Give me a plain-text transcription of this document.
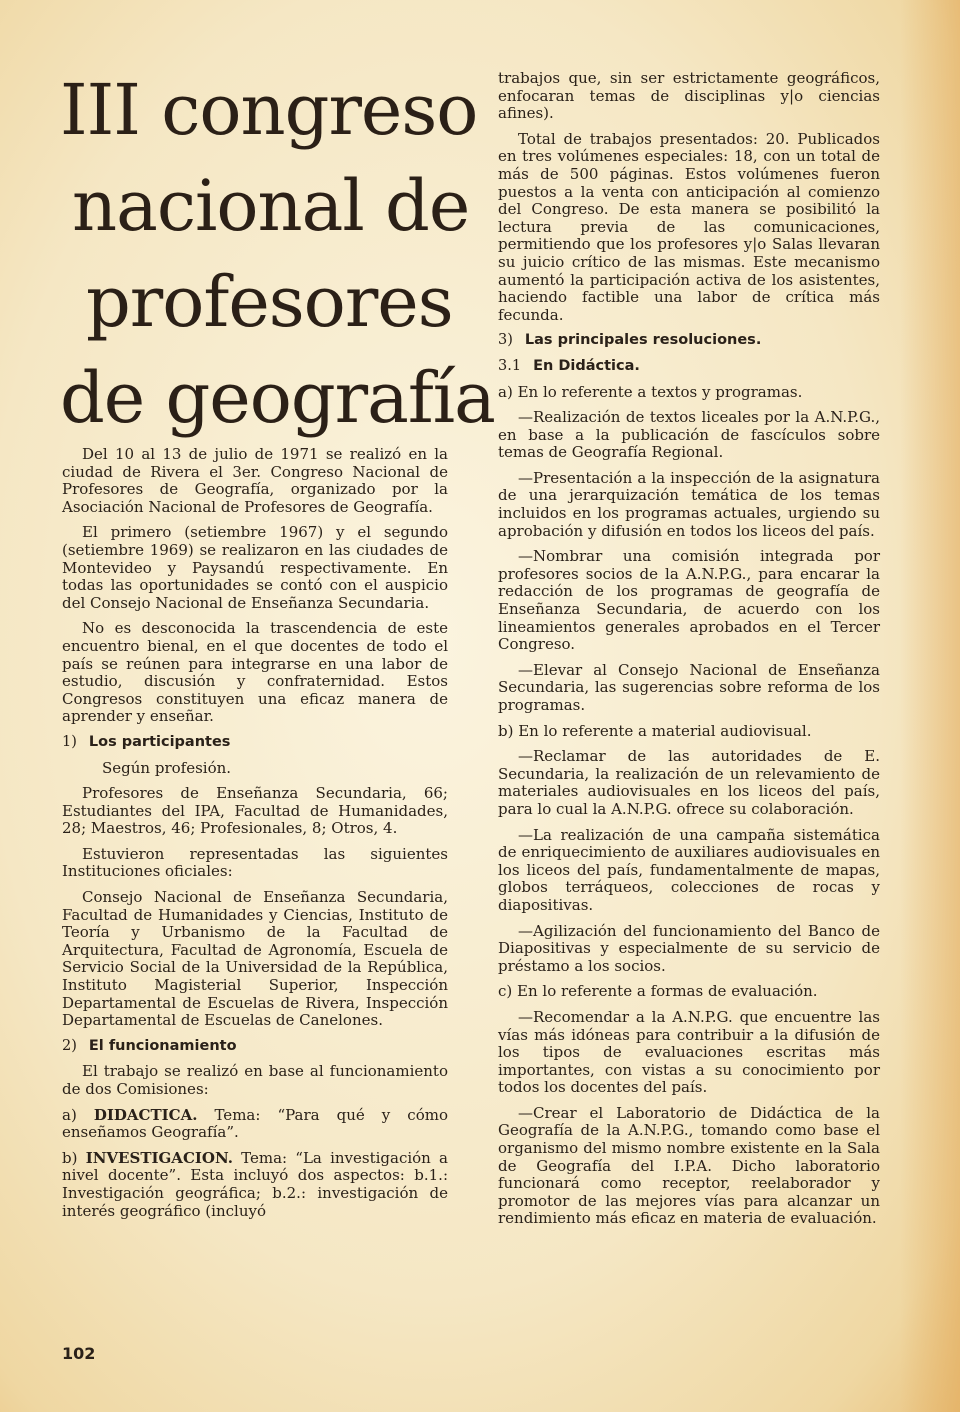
III congreso
nacional de
profesores
de geografía

Del 10 al 13 de julio de 1971 se realizó en la ciudad de Rivera el 3er. Congreso Nacional de Profesores de Geografía, organizado por la Asociación Nacional de Profesores de Geografía.

El primero (setiembre 1967) y el segundo (setiembre 1969) se realizaron en las ciudades de Montevideo y Paysandú respectivamente. En todas las oportunidades se contó con el auspicio del Consejo Nacional de Enseñanza Secundaria.

No es desconocida la trascendencia de este encuentro bienal, en el que docentes de todo el país se reúnen para integrarse en una labor de estudio, discusión y confraternidad. Estos Congresos constituyen una eficaz manera de aprender y enseñar.

1) Los participantes

Según profesión.

Profesores de Enseñanza Secundaria, 66; Estudiantes del IPA, Facultad de Humanidades, 28; Maestros, 46; Profesionales, 8; Otros, 4.

Estuvieron representadas las siguientes Instituciones oficiales:

Consejo Nacional de Enseñanza Secundaria, Facultad de Humanidades y Ciencias, Instituto de Teoría y Urbanismo de la Facultad de Arquitectura, Facultad de Agronomía, Escuela de Servicio Social de la Universidad de la República, Instituto Magisterial Superior, Inspección Departamental de Escuelas de Rivera, Inspección Departamental de Escuelas de Canelones.

2) El funcionamiento

El trabajo se realizó en base al funcionamiento de dos Comisiones:

a) DIDACTICA. Tema: “Para qué y cómo enseñamos Geografía”.

b) INVESTIGACION. Tema: “La investigación a nivel docente”. Esta incluyó dos aspectos: b.1.: Investigación geográfica; b.2.: investigación de interés geográfico (incluyó

trabajos que, sin ser estrictamente geográficos, enfocaran temas de disciplinas y|o ciencias afines).

Total de trabajos presentados: 20. Publicados en tres volúmenes especiales: 18, con un total de más de 500 páginas. Estos volúmenes fueron puestos a la venta con anticipación al comienzo del Congreso. De esta manera se posibilitó la lectura previa de las comunicaciones, permitiendo que los profesores y|o Salas llevaran su juicio crítico de las mismas. Este mecanismo aumentó la participación activa de los asistentes, haciendo factible una labor de crítica más fecunda.

3) Las principales resoluciones.
3.1 En Didáctica.

a) En lo referente a textos y programas.

—Realización de textos liceales por la A.N.P.G., en base a la publicación de fascículos sobre temas de Geografía Regional.

—Presentación a la inspección de la asignatura de una jerarquización temática de los temas incluidos en los programas actuales, urgiendo su aprobación y difusión en todos los liceos del país.

—Nombrar una comisión integrada por profesores socios de la A.N.P.G., para encarar la redacción de los programas de geografía de Enseñanza Secundaria, de acuerdo con los lineamientos generales aprobados en el Tercer Congreso.

—Elevar al Consejo Nacional de Enseñanza Secundaria, las sugerencias sobre reforma de los programas.

b) En lo referente a material audiovisual.

—Reclamar de las autoridades de E. Secundaria, la realización de un relevamiento de materiales audiovisuales en los liceos del país, para lo cual la A.N.P.G. ofrece su colaboración.

—La realización de una campaña sistemática de enriquecimiento de auxiliares audiovisuales en los liceos del país, fundamentalmente de mapas, globos terráqueos, colecciones de rocas y diapositivas.

—Agilización del funcionamiento del Banco de Diapositivas y especialmente de su servicio de préstamo a los socios.

c) En lo referente a formas de evaluación.

—Recomendar a la A.N.P.G. que encuentre las vías más idóneas para contribuir a la difusión de los tipos de evaluaciones escritas más importantes, con vistas a su conocimiento por todos los docentes del país.

—Crear el Laboratorio de Didáctica de la Geografía de la A.N.P.G., tomando como base el organismo del mismo nombre existente en la Sala de Geografía del I.P.A. Dicho laboratorio funcionará como receptor, reelaborador y promotor de las mejores vías para alcanzar un rendimiento más eficaz en materia de evaluación.

102
